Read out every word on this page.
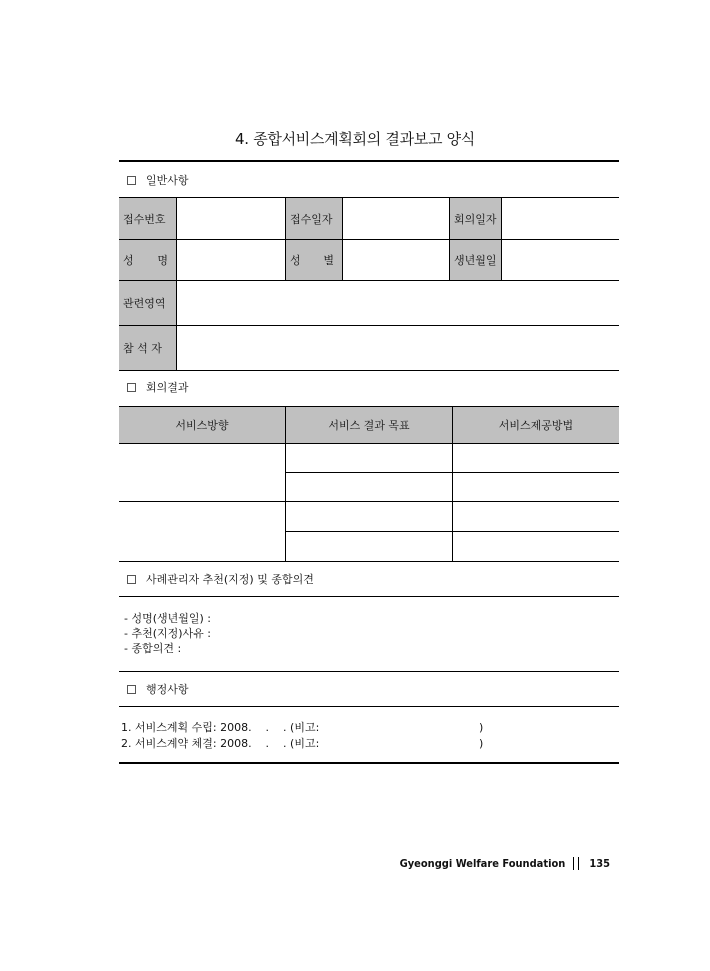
4. 종합서비스계획회의 결과보고 양식
일반사항
접수번호	접수일자	회의일자
성 명	성 별	생년월일
관련영역
참 석 자
회의결과
서비스방향	서비스 결과 목표	서비스제공방법
사례관리자 추천(지정) 및 종합의견
- 성명(생년월일) :
- 추천(지정)사유 :
- 종합의견 :
행정사항
1. 서비스계획 수립: 2008.    .    . (비고:	)
2. 서비스계약 체결: 2008.    .    . (비고:	)
Gyeonggi Welfare Foundation 135
